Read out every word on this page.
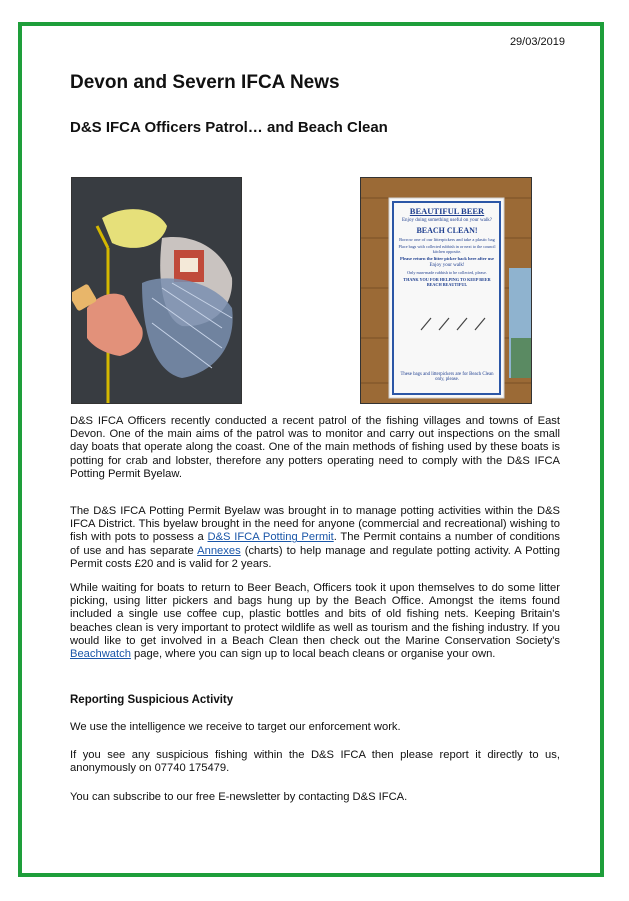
29/03/2019
Devon and Severn IFCA News
D&S IFCA Officers Patrol… and Beach Clean
BEAUTIFUL BEER
Enjoy doing something useful on your walk?
BEACH CLEAN!
Borrow one of our litterpickers and take a plastic bag
Place bags with collected rubbish in or next to the council kitchen opposite.
Please return the litter picker back here after use
Enjoy your walk!
Only man-made rubbish to be collected, please.
THANK YOU FOR HELPING TO KEEP BEER BEACH BEAUTIFUL
These bags and litterpickers are for Beach Clean only, please.

D&S IFCA Officers recently conducted a recent patrol of the fishing villages and towns of East Devon. One of the main aims of the patrol was to monitor and carry out inspections on the small day boats that operate along the coast. One of the main methods of fishing used by these boats is potting for crab and lobster, therefore any potters operating need to comply with the D&S IFCA Potting Permit Byelaw.

The D&S IFCA Potting Permit Byelaw was brought in to manage potting activities within the D&S IFCA District. This byelaw brought in the need for anyone (commercial and recreational) wishing to fish with pots to possess a D&S IFCA Potting Permit. The Permit contains a number of conditions of use and has separate Annexes (charts) to help manage and regulate potting activity. A Potting Permit costs £20 and is valid for 2 years.

While waiting for boats to return to Beer Beach, Officers took it upon themselves to do some litter picking, using litter pickers and bags hung up by the Beach Office. Amongst the items found included a single use coffee cup, plastic bottles and bits of old fishing nets. Keeping Britain's beaches clean is very important to protect wildlife as well as tourism and the fishing industry. If you would like to get involved in a Beach Clean then check out the Marine Conservation Society's Beachwatch page, where you can sign up to local beach cleans or organise your own.

Reporting Suspicious Activity

We use the intelligence we receive to target our enforcement work.

If you see any suspicious fishing within the D&S IFCA then please report it directly to us, anonymously on 07740 175479.

You can subscribe to our free E-newsletter by contacting D&S IFCA.
